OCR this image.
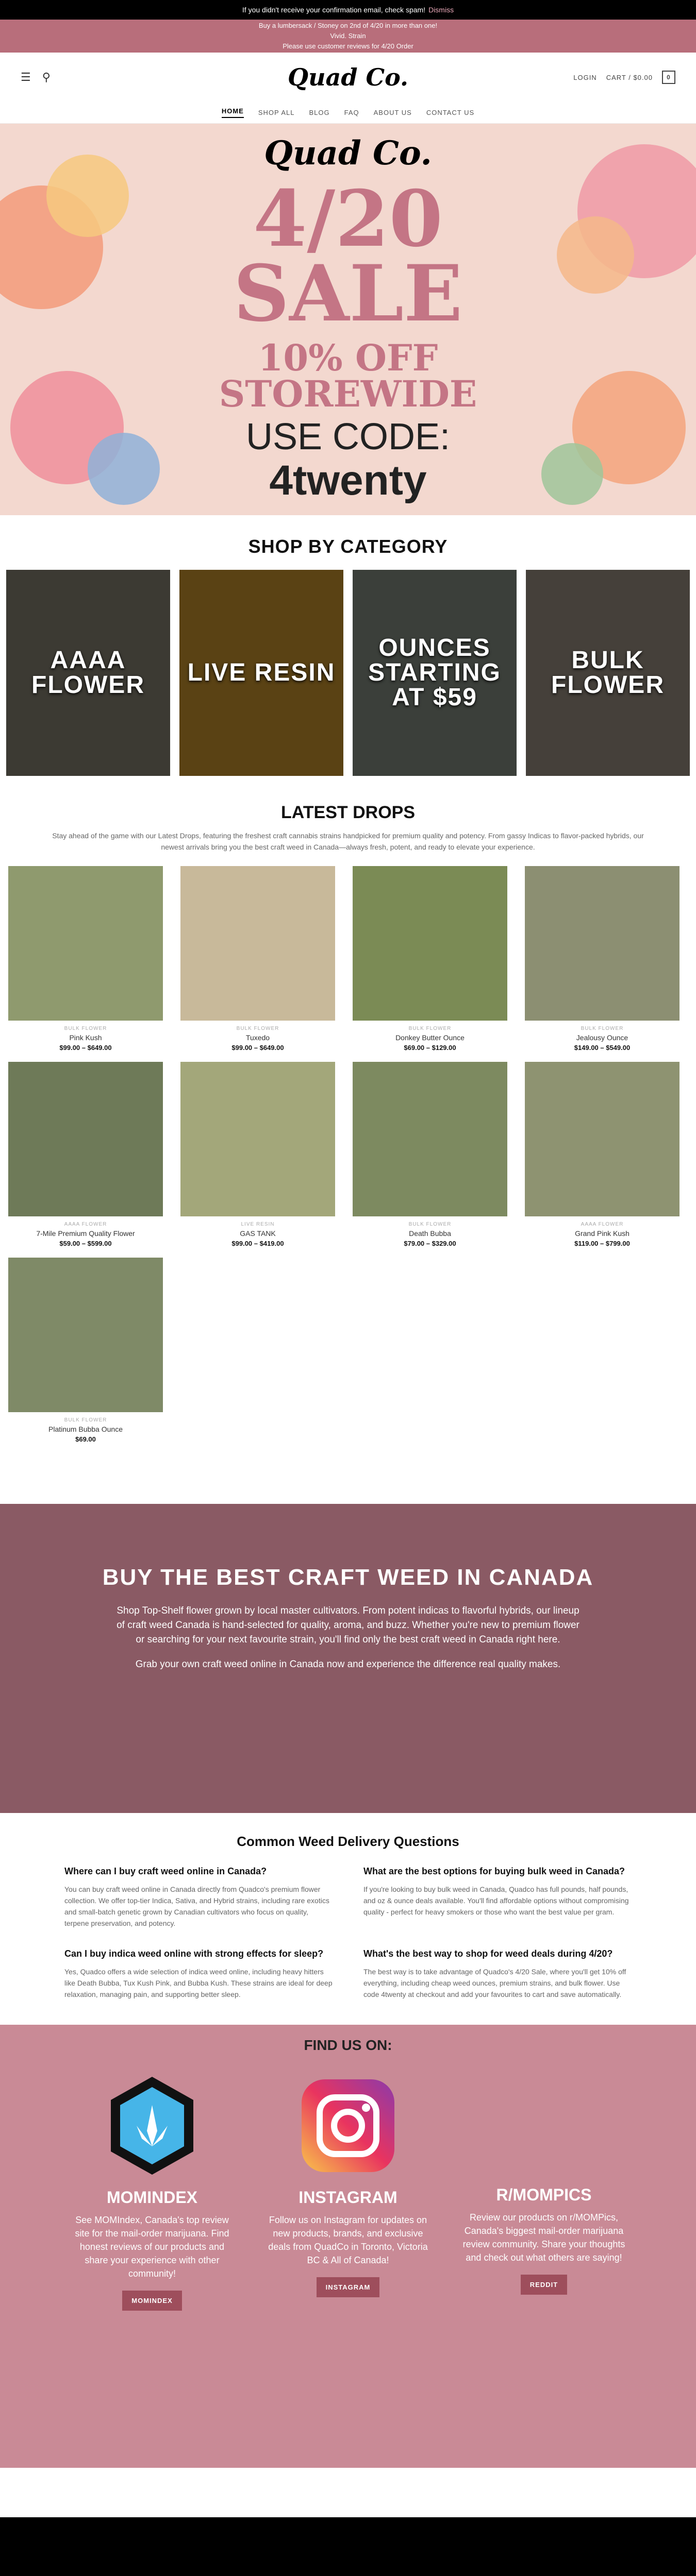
If you didn't receive your confirmation email, check spam! Dismiss
Buy a lumbersack / Stoney on 2nd of 4/20 in more than one!
Vivid. Strain
Please use customer reviews for 4/20 Order
☰ ⚲	Quad Co.	LOGIN CART / $0.00	0
HOME SHOP ALL BLOG FAQ ABOUT US CONTACT US
Quad Co.
4/20
SALE
10% OFF
STOREWIDE
USE CODE:
4twenty
SHOP BY CATEGORY
AAAA FLOWER	LIVE RESIN
OUNCES STARTING AT $59
BULK FLOWER
LATEST DROPS

Stay ahead of the game with our Latest Drops, featuring the freshest craft cannabis strains handpicked for premium quality and potency. From gassy Indicas to flavor-packed hybrids, our newest arrivals bring you the best craft weed in Canada—always fresh, potent, and ready to elevate your experience.

BULK FLOWER
Pink Kush
$99.00 – $649.00
BULK FLOWER
Tuxedo
$99.00 – $649.00
BULK FLOWER
Donkey Butter Ounce
$69.00 – $129.00
BULK FLOWER
Jealousy Ounce
$149.00 – $549.00
AAAA FLOWER
7-Mile Premium Quality Flower
$59.00 – $599.00
LIVE RESIN
GAS TANK
$99.00 – $419.00
BULK FLOWER
Death Bubba
$79.00 – $329.00
AAAA FLOWER
Grand Pink Kush
$119.00 – $799.00
BULK FLOWER
Platinum Bubba Ounce
$69.00
BUY THE BEST CRAFT WEED IN CANADA

Shop Top-Shelf flower grown by local master cultivators. From potent indicas to flavorful hybrids, our lineup of craft weed Canada is hand-selected for quality, aroma, and buzz. Whether you're new to premium flower or searching for your next favourite strain, you'll find only the best craft weed in Canada right here.

Grab your own craft weed online in Canada now and experience the difference real quality makes.

Common Weed Delivery Questions
Where can I buy craft weed online in Canada?

You can buy craft weed online in Canada directly from Quadco's premium flower collection. We offer top-tier Indica, Sativa, and Hybrid strains, including rare exotics and small-batch genetic grown by Canadian cultivators who focus on quality, terpene preservation, and potency.

What are the best options for buying bulk weed in Canada?

If you're looking to buy bulk weed in Canada, Quadco has full pounds, half pounds, and oz & ounce deals available. You'll find affordable options without compromising quality - perfect for heavy smokers or those who want the best value per gram.

Can I buy indica weed online with strong effects for sleep?

Yes, Quadco offers a wide selection of indica weed online, including heavy hitters like Death Bubba, Tux Kush Pink, and Bubba Kush. These strains are ideal for deep relaxation, managing pain, and supporting better sleep.

What's the best way to shop for weed deals during 4/20?

The best way is to take advantage of Quadco's 4/20 Sale, where you'll get 10% off everything, including cheap weed ounces, premium strains, and bulk flower. Use code 4twenty at checkout and add your favourites to cart and save automatically.

FIND US ON:
MOMINDEX

See MOMIndex, Canada's top review site for the mail-order marijuana. Find honest reviews of our products and share your experience with other community!

MOMINDEX
INSTAGRAM

Follow us on Instagram for updates on new products, brands, and exclusive deals from QuadCo in Toronto, Victoria BC & All of Canada!

INSTAGRAM
R/MOMPICS

Review our products on r/MOMPics, Canada's biggest mail-order marijuana review community. Share your thoughts and check out what others are saying!

REDDIT
